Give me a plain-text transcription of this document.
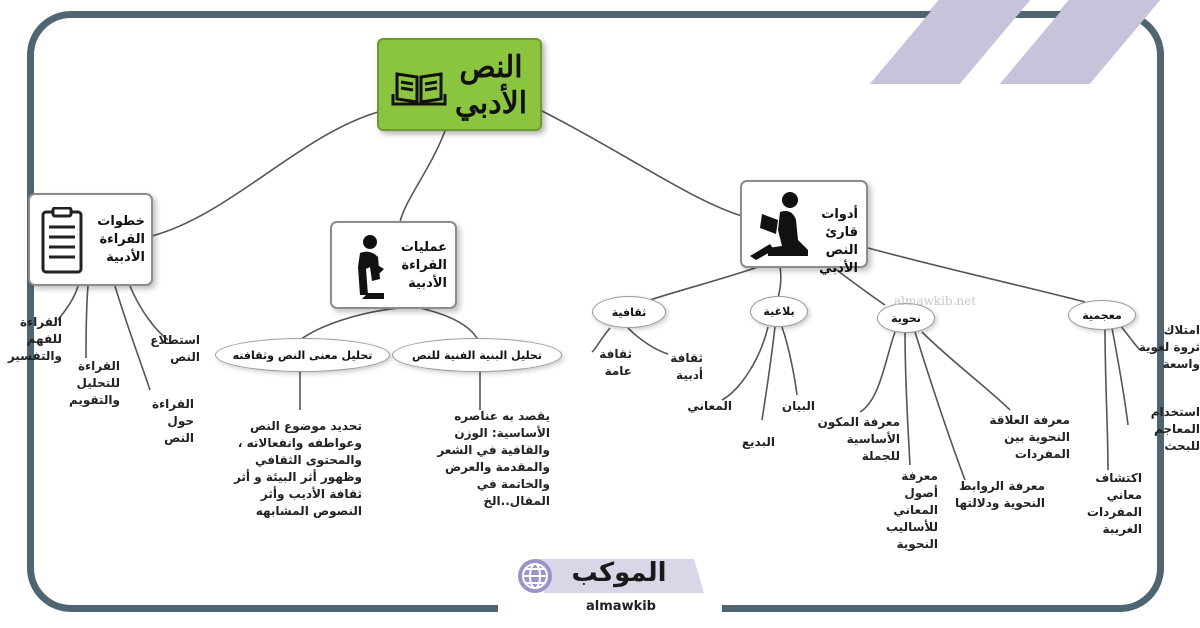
النص الأدبي
خطوات القراءة الأدبية
عمليات القراءة الأدبية
أدوات قارئ النص الأدبي
القراءة للفهم والتفسير
القراءة للتحليل والتقويم	القراءة حول النص
استطلاع النص	تحليل معنى النص وثقافته	تحليل البنية الفنية للنص
تحديد موضوع النص وعواطفه وانفعالاته ، والمحتوى الثقافي وظهور أثر البيئة و أثر ثقافة الأديب وأثر النصوص المشابهه
يقصد به عناصره الأساسية: الوزن والقافية في الشعر والمقدمة والعرض والخاتمة في المقال..الخ
ثقافية	بلاغية	نحوية	معجمية
ثقافة أدبية
ثقافة عامة
البيان
البديع
المعاني
معرفة العلاقة النحوية بين المفردات
معرفة الروابط النحوية ودلالتها
معرفة أصول المعاني للأساليب النحوية
معرفة المكون الأساسية للجملة
امتلاك ثروة لغوية واسعة
استخدام المعاجم للبحث
اكتشاف معاني المفردات الغريبة
almawkib.net
الموكب
almawkib
